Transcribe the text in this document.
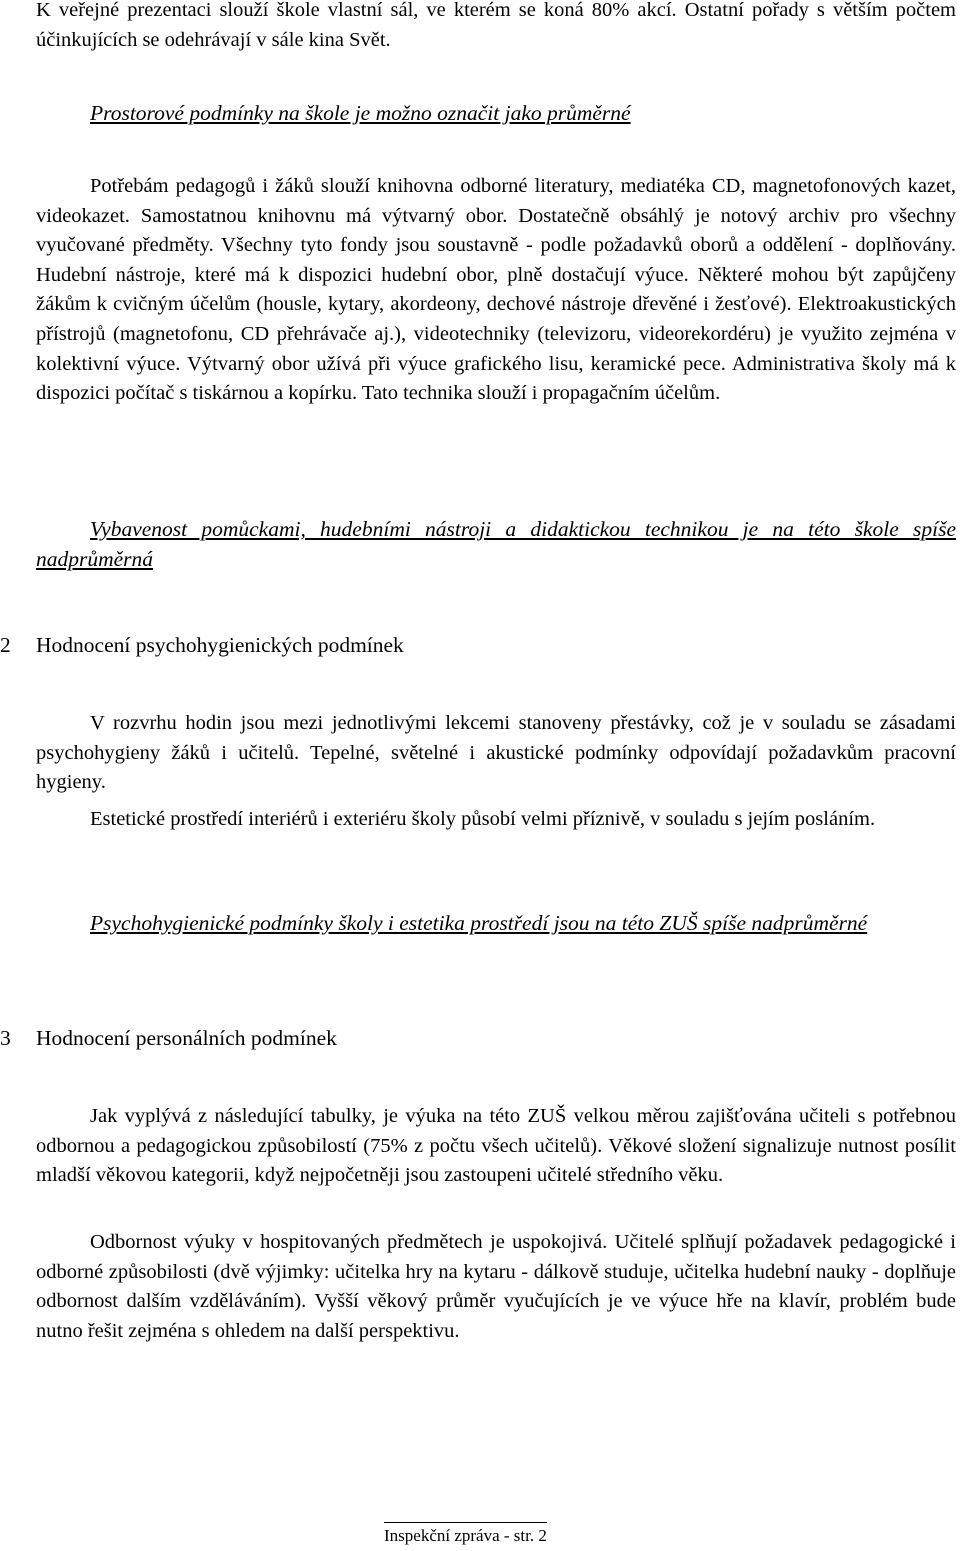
K veřejné prezentaci slouží škole vlastní sál, ve kterém se koná 80% akcí. Ostatní pořady s větším počtem účinkujících se odehrávají v sále kina Svět.

Prostorové podmínky na škole je možno označit jako průměrné

Potřebám pedagogů i žáků slouží knihovna odborné literatury, mediatéka CD, magnetofonových kazet, videokazet. Samostatnou knihovnu má výtvarný obor. Dostatečně obsáhlý je notový archiv pro všechny vyučované předměty. Všechny tyto fondy jsou soustavně - podle požadavků oborů a oddělení - doplňovány. Hudební nástroje, které má k dispozici hudební obor, plně dostačují výuce. Některé mohou být zapůjčeny žákům k cvičným účelům (housle, kytary, akordeony, dechové nástroje dřevěné i žesťové). Elektroakustických přístrojů (magnetofonu, CD přehrávače aj.), videotechniky (televizoru, videorekordéru) je využito zejména v kolektivní výuce. Výtvarný obor užívá při výuce grafického lisu, keramické pece. Administrativa školy má k dispozici počítač s tiskárnou a kopírku. Tato technika slouží i propagačním účelům.

Vybavenost pomůckami, hudebními nástroji a didaktickou technikou je na této škole spíše nadprůměrná

2 Hodnocení psychohygienických podmínek

V rozvrhu hodin jsou mezi jednotlivými lekcemi stanoveny přestávky, což je v souladu se zásadami psychohygieny žáků i učitelů. Tepelné, světelné i akustické podmínky odpovídají požadavkům pracovní hygieny.

Estetické prostředí interiérů i exteriéru školy působí velmi příznivě, v souladu s jejím posláním.

Psychohygienické podmínky školy i estetika prostředí jsou na této ZUŠ spíše nadprůměrné

3 Hodnocení personálních podmínek

Jak vyplývá z následující tabulky, je výuka na této ZUŠ velkou měrou zajišťována učiteli s potřebnou odbornou a pedagogickou způsobilostí (75% z počtu všech učitelů). Věkové složení signalizuje nutnost posílit mladší věkovou kategorii, když nejpočetněji jsou zastoupeni učitelé středního věku.

Odbornost výuky v hospitovaných předmětech je uspokojivá. Učitelé splňují požadavek pedagogické i odborné způsobilosti (dvě výjimky: učitelka hry na kytaru - dálkově studuje, učitelka hudební nauky - doplňuje odbornost dalším vzděláváním). Vyšší věkový průměr vyučujících je ve výuce hře na klavír, problém bude nutno řešit zejména s ohledem na další perspektivu.

Inspekční zpráva - str. 2
